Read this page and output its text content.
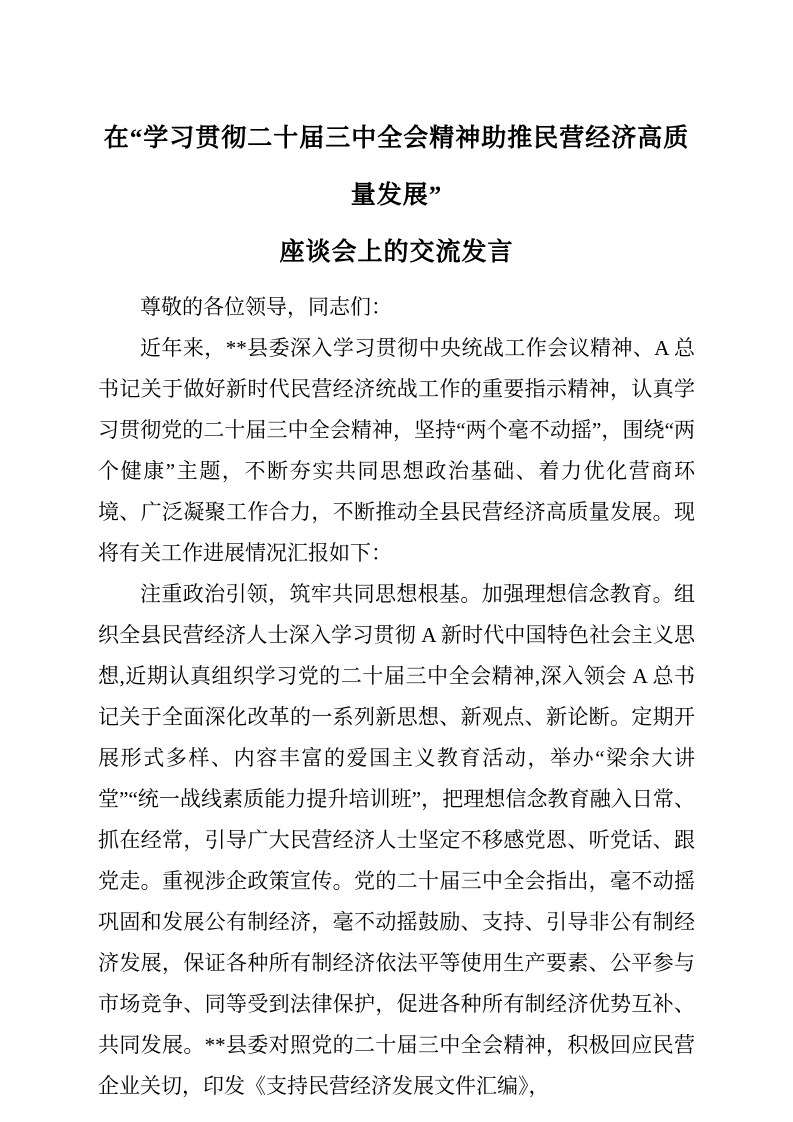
在“学习贯彻二十届三中全会精神助推民营经济高质量发展”
座谈会上的交流发言

尊敬的各位领导，同志们：

近年来，**县委深入学习贯彻中央统战工作会议精神、A 总书记关于做好新时代民营经济统战工作的重要指示精神，认真学习贯彻党的二十届三中全会精神，坚持“两个毫不动摇”，围绕“两个健康”主题，不断夯实共同思想政治基础、着力优化营商环境、广泛凝聚工作合力，不断推动全县民营经济高质量发展。现将有关工作进展情况汇报如下：

注重政治引领，筑牢共同思想根基。加强理想信念教育。组织全县民营经济人士深入学习贯彻 A 新时代中国特色社会主义思想,近期认真组织学习党的二十届三中全会精神,深入领会 A 总书记关于全面深化改革的一系列新思想、新观点、新论断。定期开展形式多样、内容丰富的爱国主义教育活动，举办“梁余大讲堂”“统一战线素质能力提升培训班”，把理想信念教育融入日常、抓在经常，引导广大民营经济人士坚定不移感党恩、听党话、跟党走。重视涉企政策宣传。党的二十届三中全会指出，毫不动摇巩固和发展公有制经济，毫不动摇鼓励、支持、引导非公有制经济发展，保证各种所有制经济依法平等使用生产要素、公平参与市场竞争、同等受到法律保护，促进各种所有制经济优势互补、共同发展。**县委对照党的二十届三中全会精神，积极回应民营企业关切，印发《支持民营经济发展文件汇编》，
